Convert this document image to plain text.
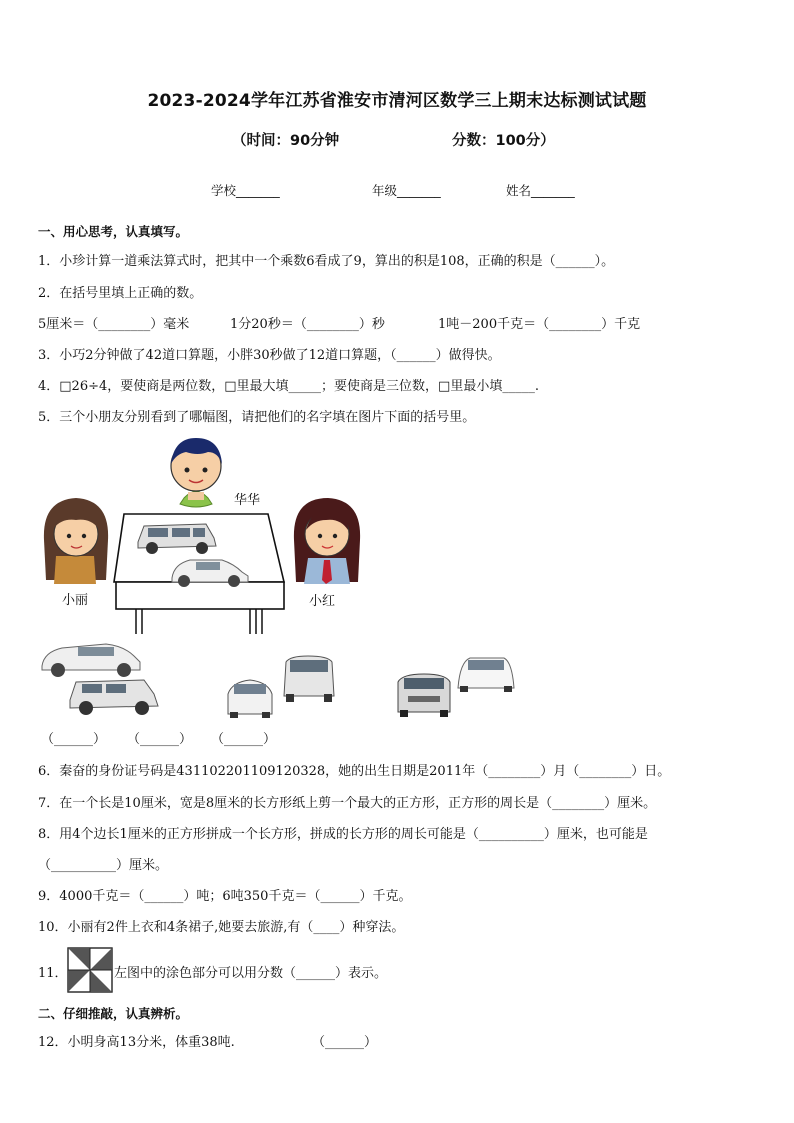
2023-2024学年江苏省淮安市清河区数学三上期末达标测试试题
（时间：90分钟	分数：100分）
学校_______	年级_______	姓名_______
一、用心思考，认真填写。
1．小珍计算一道乘法算式时，把其中一个乘数6看成了9，算出的积是108，正确的积是（______）。
2．在括号里填上正确的数。
5厘米＝（________）毫米	1分20秒＝（________）秒	1吨－200千克＝（________）千克
3．小巧2分钟做了42道口算题，小胖30秒做了12道口算题，（______）做得快。
4．□26÷4，要使商是两位数，□里最大填_____；要使商是三位数，□里最小填_____.
5．三个小朋友分别看到了哪幅图，请把他们的名字填在图片下面的括号里。
华华
小丽	小红
（______） （______） （______）
6．秦奋的身份证号码是431102201109120328，她的出生日期是2011年（________）月（________）日。
7．在一个长是10厘米，宽是8厘米的长方形纸上剪一个最大的正方形，正方形的周长是（________）厘米。
8．用4个边长1厘米的正方形拼成一个长方形，拼成的长方形的周长可能是（__________）厘米，也可能是
（__________）厘米。
9．4000千克＝（______）吨；6吨350千克＝（______）千克。
10．小丽有2件上衣和4条裙子,她要去旅游,有（____）种穿法。
11．	左图中的涂色部分可以用分数（______）表示。
二、仔细推敲，认真辨析。
12．小明身高13分米，体重38吨.	（______）
